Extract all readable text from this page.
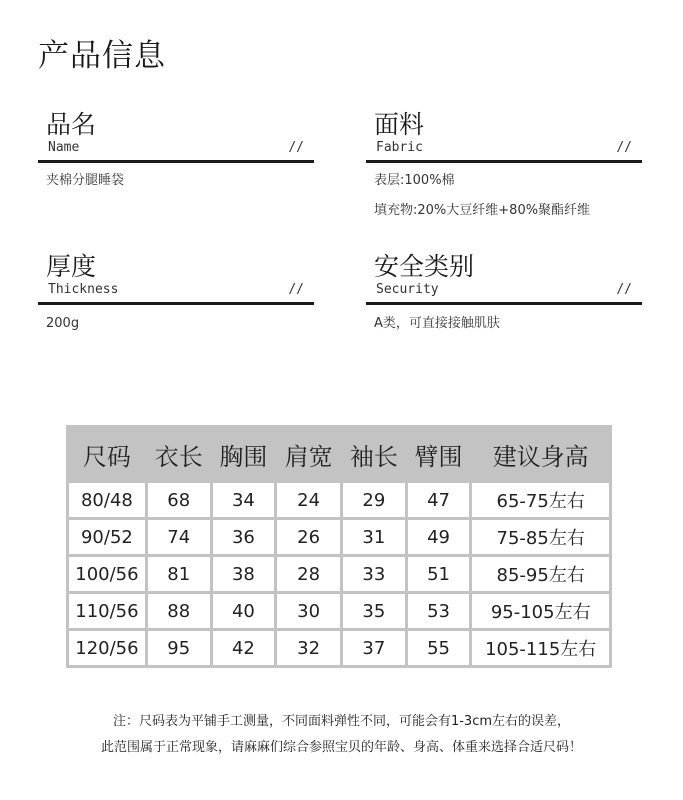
产品信息
品名
Name	//
夹棉分腿睡袋
面料
Fabric	//
表层:100%棉
填充物:20%大豆纤维+80%聚酯纤维
厚度
Thickness	//
200g
安全类别
Security	//
A类，可直接接触肌肤
尺码	衣长	胸围	肩宽	袖长	臂围	建议身高
80/48	68	34	24	29	47	65-75左右
90/52	74	36	26	31	49	75-85左右
100/56	81	38	28	33	51	85-95左右
110/56	88	40	30	35	53	95-105左右
120/56	95	42	32	37	55	105-115左右
注：尺码表为平铺手工测量，不同面料弹性不同，可能会有1-3cm左右的误差，
此范围属于正常现象，请麻麻们综合参照宝贝的年龄、身高、体重来选择合适尺码！
